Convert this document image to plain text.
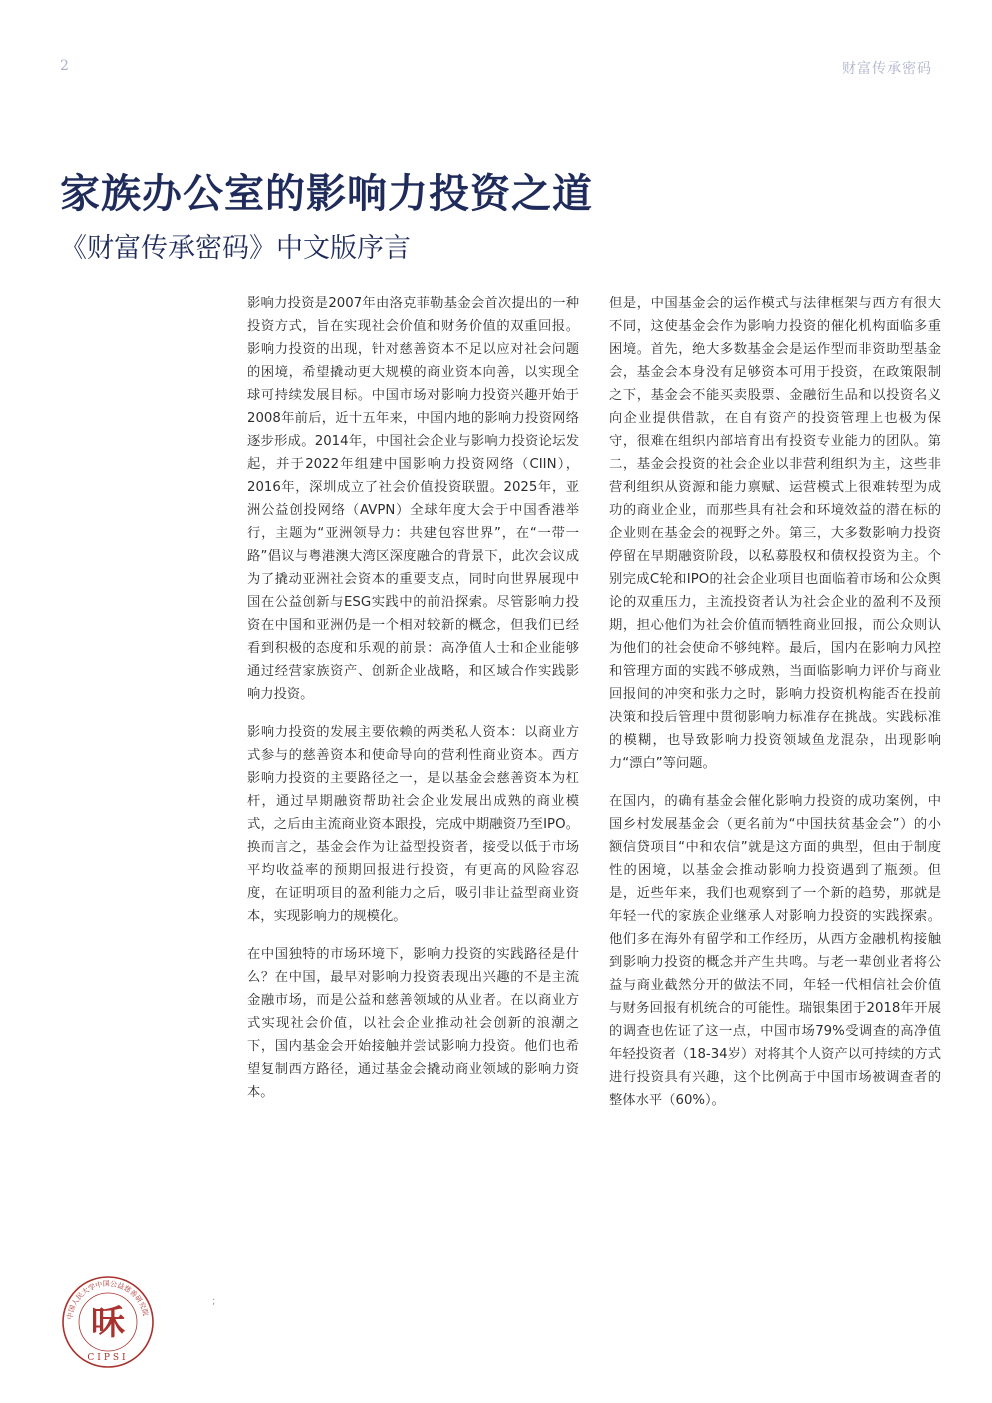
2	财富传承密码
家族办公室的影响力投资之道
《财富传承密码》中文版序言

影响力投资是2007年由洛克菲勒基金会首次提出的一种投资方式，旨在实现社会价值和财务价值的双重回报。影响力投资的出现，针对慈善资本不足以应对社会问题的困境，希望撬动更大规模的商业资本向善，以实现全球可持续发展目标。中国市场对影响力投资兴趣开始于2008年前后，近十五年来，中国内地的影响力投资网络逐步形成。2014年，中国社会企业与影响力投资论坛发起，并于2022年组建中国影响力投资网络（CIIN），2016年，深圳成立了社会价值投资联盟。2025年，亚洲公益创投网络（AVPN）全球年度大会于中国香港举行，主题为“亚洲领导力：共建包容世界”，在“一带一路”倡议与粤港澳大湾区深度融合的背景下，此次会议成为了撬动亚洲社会资本的重要支点，同时向世界展现中国在公益创新与ESG实践中的前沿探索。尽管影响力投资在中国和亚洲仍是一个相对较新的概念，但我们已经看到积极的态度和乐观的前景：高净值人士和企业能够通过经营家族资产、创新企业战略，和区域合作实践影响力投资。

影响力投资的发展主要依赖的两类私人资本：以商业方式参与的慈善资本和使命导向的营利性商业资本。西方影响力投资的主要路径之一，是以基金会慈善资本为杠杆，通过早期融资帮助社会企业发展出成熟的商业模式，之后由主流商业资本跟投，完成中期融资乃至IPO。换而言之，基金会作为让益型投资者，接受以低于市场平均收益率的预期回报进行投资，有更高的风险容忍度，在证明项目的盈利能力之后，吸引非让益型商业资本，实现影响力的规模化。

在中国独特的市场环境下，影响力投资的实践路径是什么？在中国，最早对影响力投资表现出兴趣的不是主流金融市场，而是公益和慈善领域的从业者。在以商业方式实现社会价值，以社会企业推动社会创新的浪潮之下，国内基金会开始接触并尝试影响力投资。他们也希望复制西方路径，通过基金会撬动商业领域的影响力资本。

但是，中国基金会的运作模式与法律框架与西方有很大不同，这使基金会作为影响力投资的催化机构面临多重困境。首先，绝大多数基金会是运作型而非资助型基金会，基金会本身没有足够资本可用于投资，在政策限制之下，基金会不能买卖股票、金融衍生品和以投资名义向企业提供借款，在自有资产的投资管理上也极为保守，很难在组织内部培育出有投资专业能力的团队。第二，基金会投资的社会企业以非营利组织为主，这些非营利组织从资源和能力禀赋、运营模式上很难转型为成功的商业企业，而那些具有社会和环境效益的潜在标的企业则在基金会的视野之外。第三，大多数影响力投资停留在早期融资阶段，以私募股权和债权投资为主。个别完成C轮和IPO的社会企业项目也面临着市场和公众舆论的双重压力，主流投资者认为社会企业的盈利不及预期，担心他们为社会价值而牺牲商业回报，而公众则认为他们的社会使命不够纯粹。最后，国内在影响力风控和管理方面的实践不够成熟，当面临影响力评价与商业回报间的冲突和张力之时，影响力投资机构能否在投前决策和投后管理中贯彻影响力标准存在挑战。实践标准的模糊，也导致影响力投资领域鱼龙混杂，出现影响力“漂白”等问题。

在国内，的确有基金会催化影响力投资的成功案例，中国乡村发展基金会（更名前为“中国扶贫基金会”）的小额信贷项目“中和农信”就是这方面的典型，但由于制度性的困境，以基金会推动影响力投资遇到了瓶颈。但是，近些年来，我们也观察到了一个新的趋势，那就是年轻一代的家族企业继承人对影响力投资的实践探索。他们多在海外有留学和工作经历，从西方金融机构接触到影响力投资的概念并产生共鸣。与老一辈创业者将公益与商业截然分开的做法不同，年轻一代相信社会价值与财务回报有机统合的可能性。瑞银集团于2018年开展的调查也佐证了这一点，中国市场79%受调查的高净值年轻投资者（18-34岁）对将其个人资产以可持续的方式进行投资具有兴趣，这个比例高于中国市场被调查者的整体水平（60%）。

中国人民大学中国公益慈善研究院
咊
CIPSI
;
